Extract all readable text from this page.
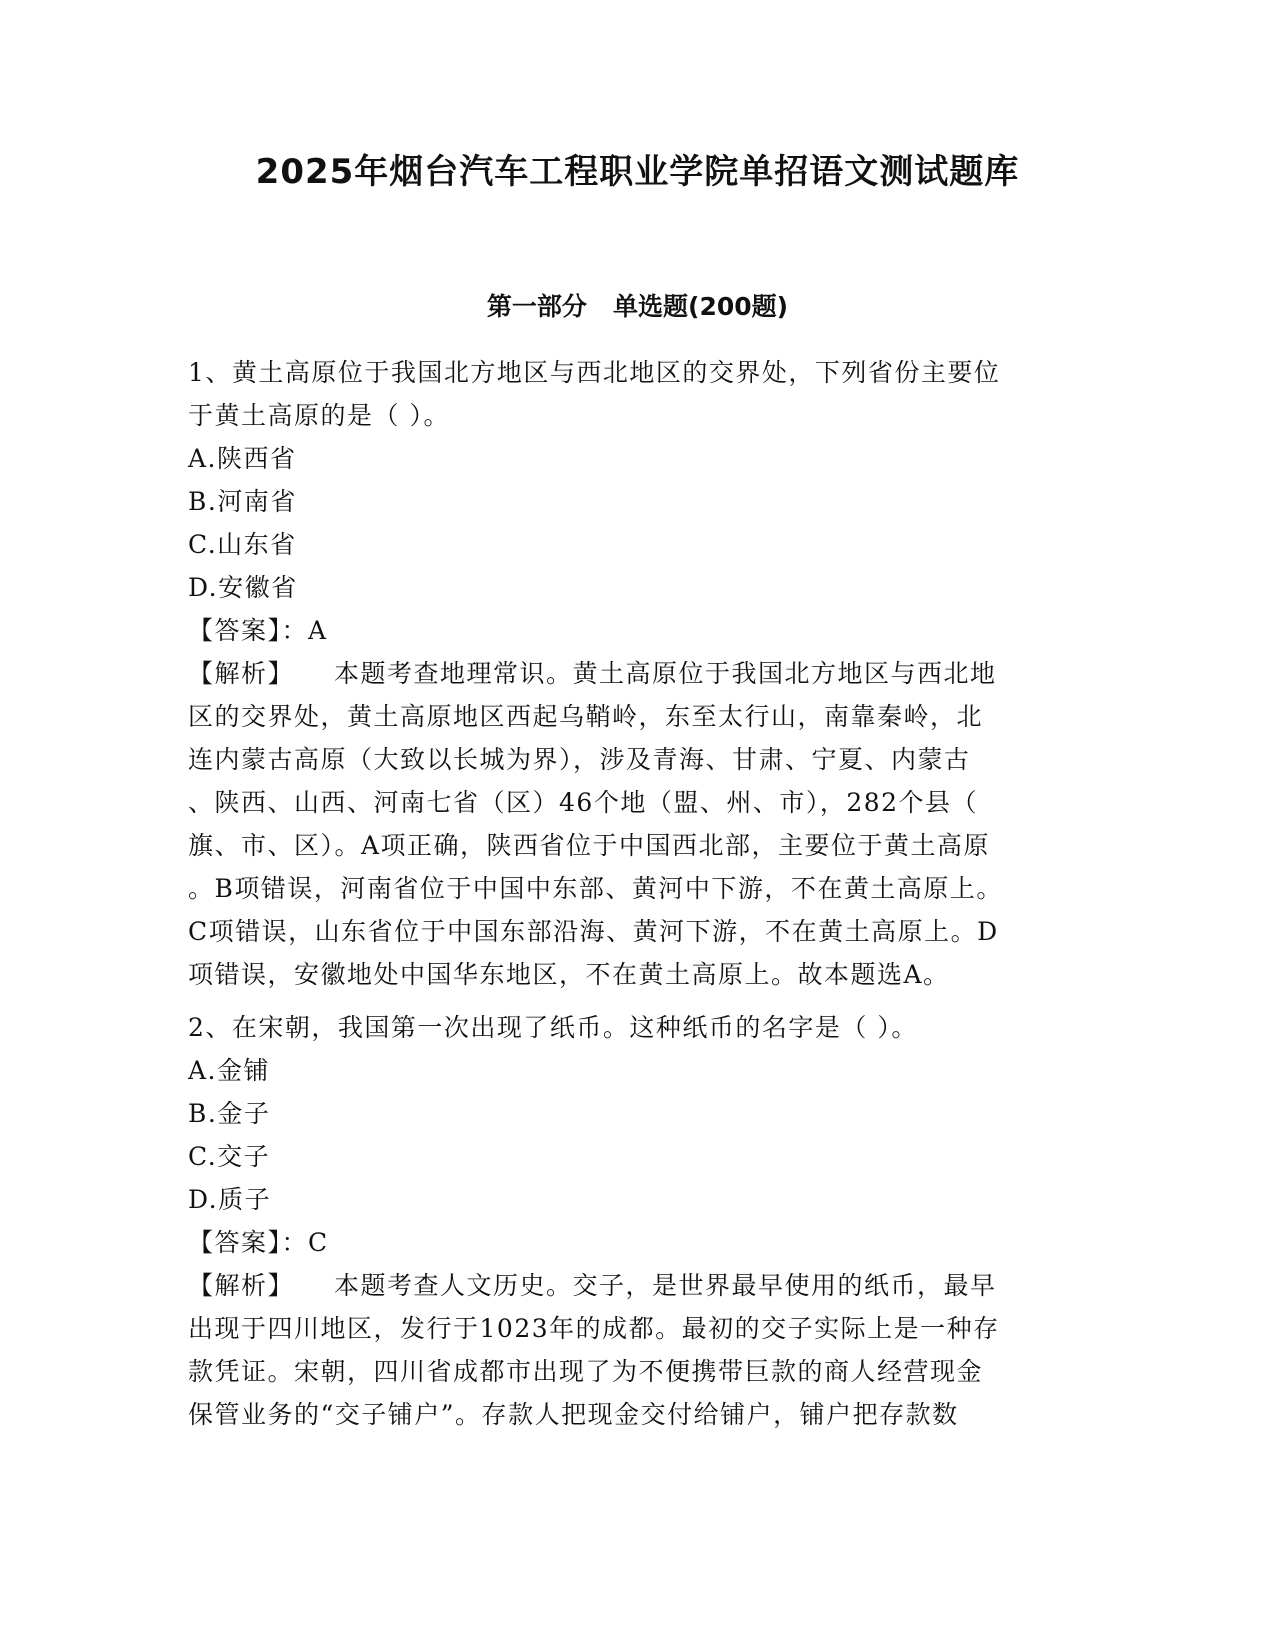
2025年烟台汽车工程职业学院单招语文测试题库
第一部分   单选题(200题)

1、黄土高原位于我国北方地区与西北地区的交界处，下列省份主要位

于黄土高原的是（ ）。

A.陕西省

B.河南省

C.山东省

D.安徽省

【答案】：A

【解析】 本题考查地理常识。黄土高原位于我国北方地区与西北地

区的交界处，黄土高原地区西起乌鞘岭，东至太行山，南靠秦岭，北

连内蒙古高原（大致以长城为界），涉及青海、甘肃、宁夏、内蒙古

、陕西、山西、河南七省（区）46个地（盟、州、市），282个县（

旗、市、区）。A项正确，陕西省位于中国西北部，主要位于黄土高原

。B项错误，河南省位于中国中东部、黄河中下游，不在黄土高原上。

C项错误，山东省位于中国东部沿海、黄河下游，不在黄土高原上。D

项错误，安徽地处中国华东地区，不在黄土高原上。故本题选A。

2、在宋朝，我国第一次出现了纸币。这种纸币的名字是（ ）。

A.金铺

B.金子

C.交子

D.质子

【答案】：C

【解析】 本题考查人文历史。交子，是世界最早使用的纸币，最早

出现于四川地区，发行于1023年的成都。最初的交子实际上是一种存

款凭证。宋朝，四川省成都市出现了为不便携带巨款的商人经营现金

保管业务的“交子铺户”。存款人把现金交付给铺户，铺户把存款数
